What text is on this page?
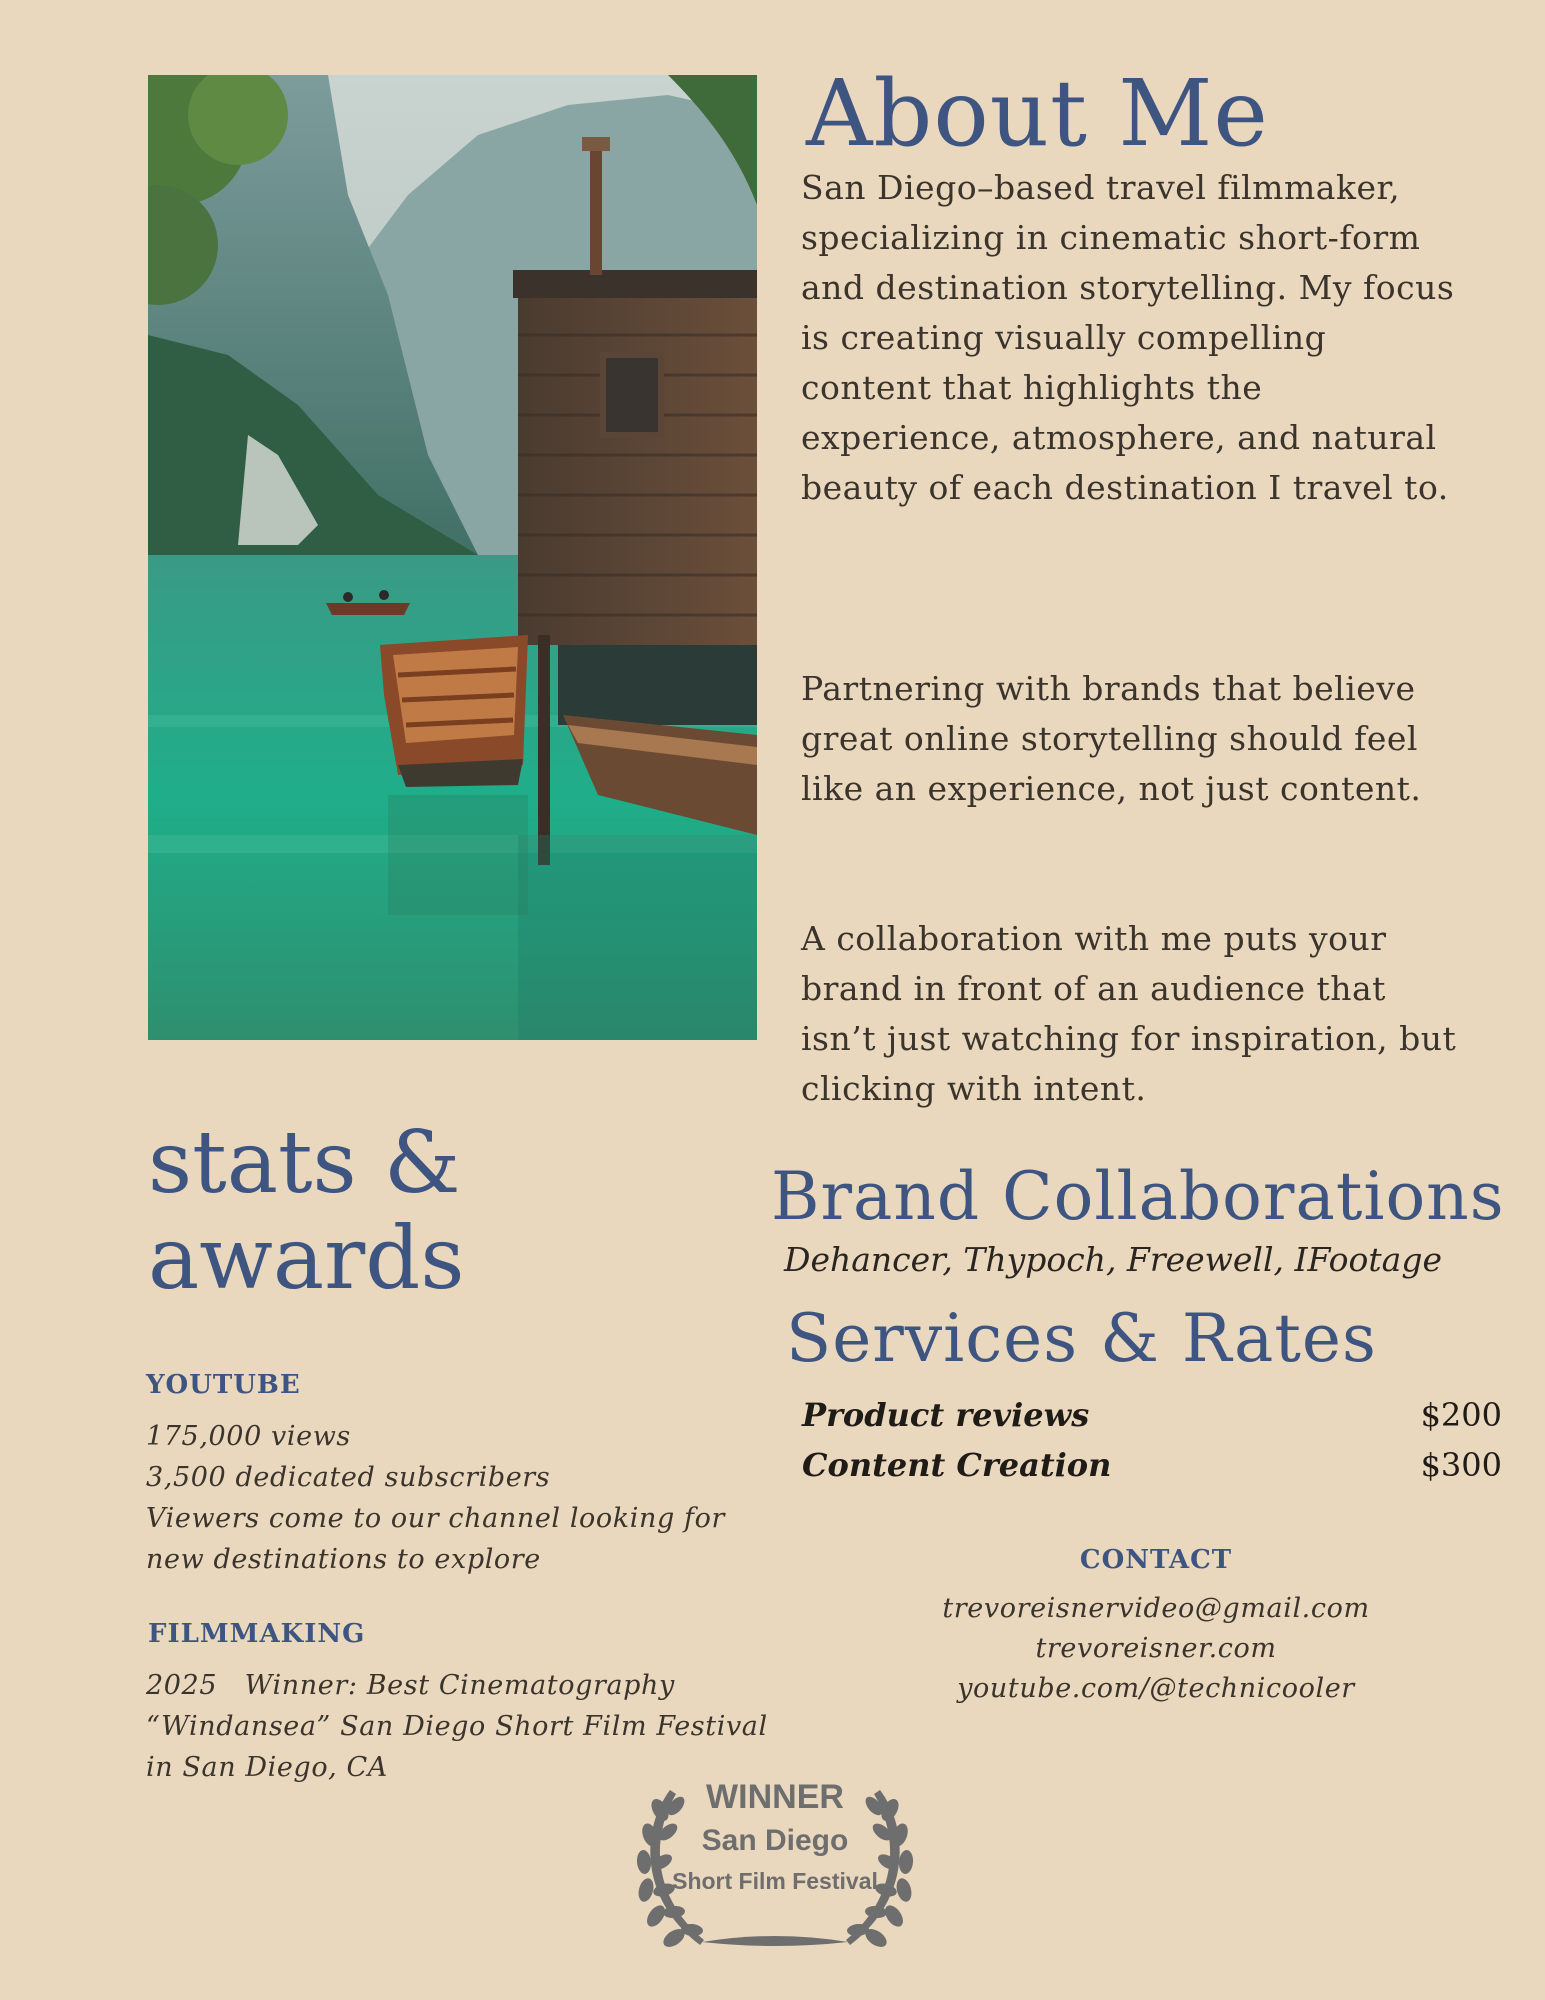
About Me

San Diego–based travel filmmaker, specializing in cinematic short-form and destination storytelling. My focus is creating visually compelling content that highlights the experience, atmosphere, and natural beauty of each destination I travel to.

Partnering with brands that believe great online storytelling should feel like an experience, not just content.

A collaboration with me puts your brand in front of an audience that isn’t just watching for inspiration, but clicking with intent.

stats &
awards
YOUTUBE

175,000 views

3,500 dedicated subscribers

Viewers come to our channel looking for

new destinations to explore

FILMMAKING

2025   Winner: Best Cinematography

“Windansea” San Diego Short Film Festival

in San Diego, CA

Brand Collaborations

Dehancer, Thypoch, Freewell, IFootage

Services & Rates
Product reviews	$200
Content Creation	$300
CONTACT
trevoreisnervideo@gmail.com
trevoreisner.com
youtube.com/@technicooler
WINNER
San Diego
Short Film Festival
